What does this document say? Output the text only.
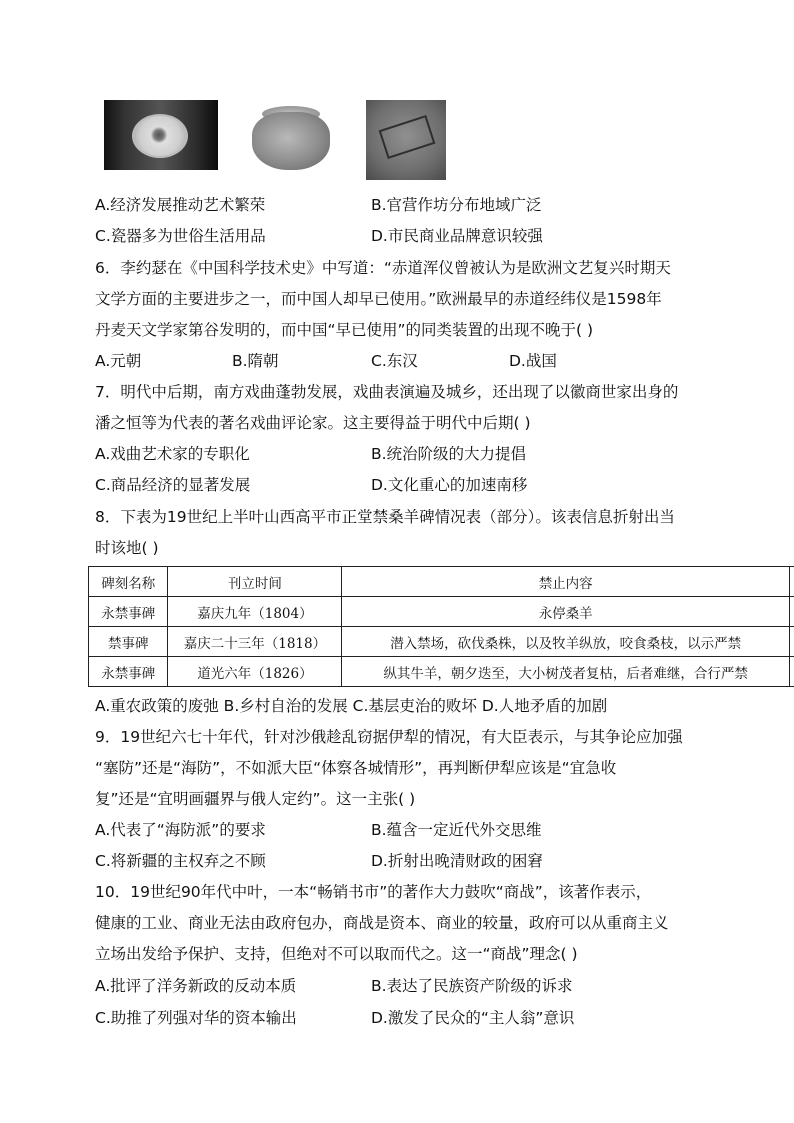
A.经济发展推动艺术繁荣	B.官营作坊分布地域广泛
C.瓷器多为世俗生活用品	D.市民商业品牌意识较强
6．李约瑟在《中国科学技术史》中写道：“赤道浑仪曾被认为是欧洲文艺复兴时期天
文学方面的主要进步之一，而中国人却早已使用。”欧洲最早的赤道经纬仪是1598年
丹麦天文学家第谷发明的，而中国“早已使用”的同类装置的出现不晚于( )
A.元朝	B.隋朝	C.东汉	D.战国
7．明代中后期，南方戏曲蓬勃发展，戏曲表演遍及城乡，还出现了以徽商世家出身的
潘之恒等为代表的著名戏曲评论家。这主要得益于明代中后期( )
A.戏曲艺术家的专职化	B.统治阶级的大力提倡
C.商品经济的显著发展	D.文化重心的加速南移
8．下表为19世纪上半叶山西高平市正堂禁桑羊碑情况表（部分）。该表信息折射出当
时该地( )
碑刻名称	刊立时间	禁止内容	
永禁事碑	嘉庆九年（1804）	永停桑羊	
禁事碑	嘉庆二十三年（1818）	潜入禁场，砍伐桑株，以及牧羊纵放，咬食桑枝，以示严禁	
永禁事碑	道光六年（1826）	纵其牛羊，朝夕迭至，大小树茂者复枯，后者难继，合行严禁	
A.重农政策的废弛 B.乡村自治的发展 C.基层吏治的败坏 D.人地矛盾的加剧
9．19世纪六七十年代，针对沙俄趁乱窃据伊犁的情况，有大臣表示，与其争论应加强
“塞防”还是“海防”，不如派大臣“体察各城情形”，再判断伊犁应该是“宜急收
复”还是“宜明画疆界与俄人定约”。这一主张( )
A.代表了“海防派”的要求	B.蕴含一定近代外交思维
C.将新疆的主权弃之不顾	D.折射出晚清财政的困窘
10．19世纪90年代中叶，一本“畅销书市”的著作大力鼓吹“商战”，该著作表示，
健康的工业、商业无法由政府包办，商战是资本、商业的较量，政府可以从重商主义
立场出发给予保护、支持，但绝对不可以取而代之。这一“商战”理念( )
A.批评了洋务新政的反动本质	B.表达了民族资产阶级的诉求
C.助推了列强对华的资本输出	D.激发了民众的“主人翁”意识
